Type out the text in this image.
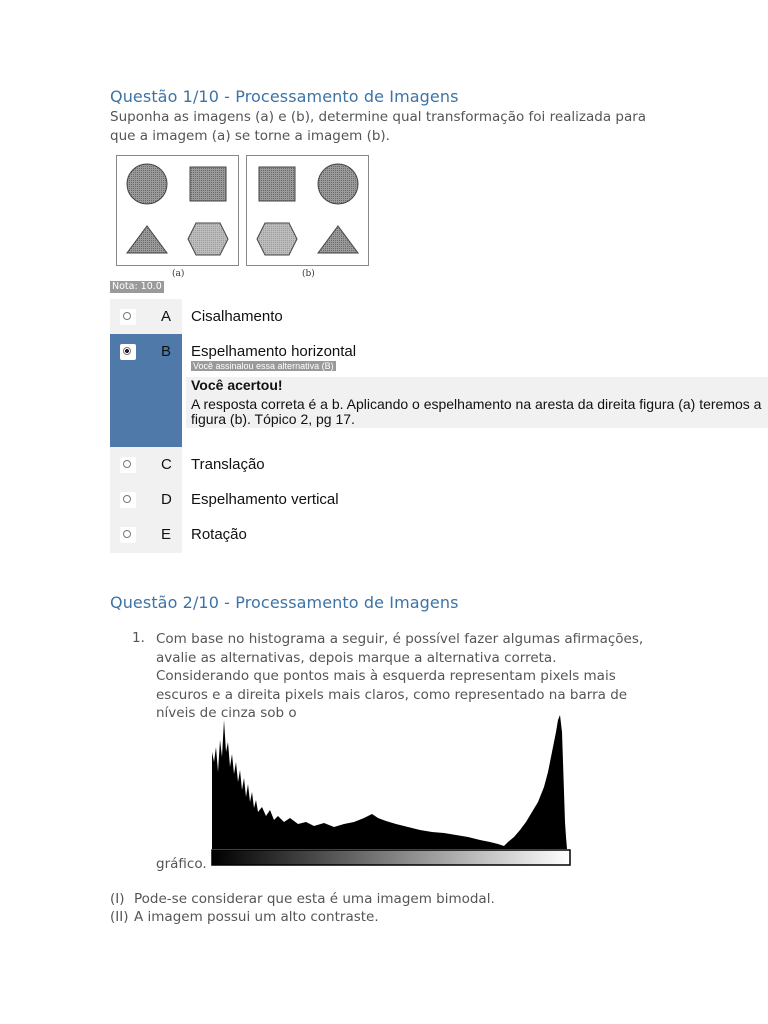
Questão 1/10 - Processamento de Imagens
Suponha as imagens (a) e (b), determine qual transformação foi realizada para que a imagem (a) se torne a imagem (b).
(a)	(b)
Nota: 10.0
A Cisalhamento
B Espelhamento horizontal
Você assinalou essa alternativa (B)
Você acertou!
A resposta correta é a b. Aplicando o espelhamento na aresta da direita figura (a) teremos a figura (b). Tópico 2, pg 17.
C Translação
D Espelhamento vertical
E Rotação
Questão 2/10 - Processamento de Imagens
1. Com base no histograma a seguir, é possível fazer algumas afirmações, avalie as alternativas, depois marque a alternativa correta. Considerando que pontos mais à esquerda representam pixels mais escuros e a direita pixels mais claros, como representado na barra de níveis de cinza sob o
gráfico.
(I) Pode-se considerar que esta é uma imagem bimodal.
(II) A imagem possui um alto contraste.
